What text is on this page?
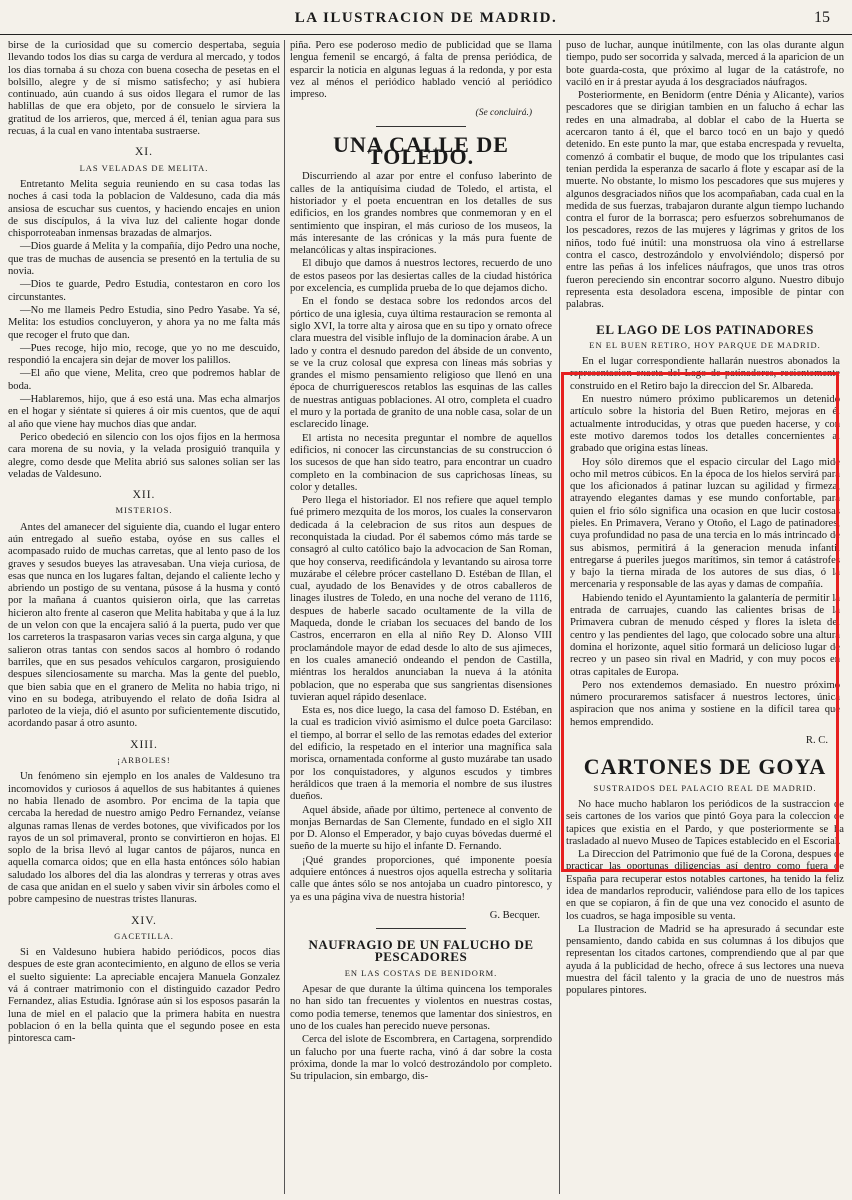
LA ILUSTRACION DE MADRID.	15

birse de la curiosidad que su comercio despertaba, seguia llevando todos los dias su carga de verdura al mercado, y todos los dias tornaba á su choza con buena cosecha de pesetas en el bolsillo, alegre y de sí mismo satisfecho; y así hubiera continuado, aún cuando á sus oidos llegara el rumor de las hablillas de que era objeto, por de consuelo le sirviera la gratitud de los arrieros, que, merced á él, tenian agua para sus recuas, á la cual en vano intentaba sustraerse.

XI.
LAS VELADAS DE MELITA.

Entretanto Melita seguia reuniendo en su casa todas las noches á casi toda la poblacion de Valdesuno, cada dia más ansiosa de escuchar sus cuentos, y haciendo encajes en union de sus discípulos, á la viva luz del caliente hogar donde chisporroteaban inmensas brazadas de almarjos.

—Dios guarde á Melita y la compañía, dijo Pedro una noche, que tras de muchas de ausencia se presentó en la tertulia de su novia.

—Dios te guarde, Pedro Estudia, contestaron en coro los circunstantes.

—No me llameis Pedro Estudia, sino Pedro Yasabe. Ya sé, Melita: los estudios concluyeron, y ahora ya no me falta más que recoger el fruto que dan.

—Pues recoge, hijo mio, recoge, que yo no me descuido, respondió la encajera sin dejar de mover los palillos.

—El año que viene, Melita, creo que podremos hablar de boda.

—Hablaremos, hijo, que á eso está una. Mas echa almarjos en el hogar y siéntate si quieres á oir mis cuentos, que de aquí al año que viene hay muchos dias que andar.

Perico obedeció en silencio con los ojos fijos en la hermosa cara morena de su novia, y la velada prosiguió tranquila y alegre, como desde que Melita abrió sus salones solian ser las veladas de Valdesuno.

XII.
MISTERIOS.

Antes del amanecer del siguiente dia, cuando el lugar entero aún entregado al sueño estaba, oyóse en sus calles el acompasado ruido de muchas carretas, que al lento paso de los graves y sesudos bueyes las atravesaban. Una vieja curiosa, de esas que nunca en los lugares faltan, dejando el caliente lecho y abriendo un postigo de su ventana, púsose á la husma y contó por la mañana á cuantos quisieron oirla, que las carretas hicieron alto frente al caseron que Melita habitaba y que á la luz de un velon con que la encajera salió á la puerta, pudo ver que los carreteros la traspasaron varias veces sin carga alguna, y que salieron otras tantas con sendos sacos al hombro ó rodando barriles, que en sus pesados vehículos cargaron, prosiguiendo despues silenciosamente su marcha. Mas la gente del pueblo, que bien sabia que en el granero de Melita no habia trigo, ni vino en su bodega, atribuyendo el relato de doña Isidra al parloteo de la vieja, dió el asunto por suficientemente discutido, acordando pasar á otro asunto.

XIII.
¡ARBOLES!

Un fenómeno sin ejemplo en los anales de Valdesuno tra incomovidos y curiosos á aquellos de sus habitantes á quienes no habia llenado de asombro. Por encima de la tapia que cercaba la heredad de nuestro amigo Pedro Fernandez, veíanse algunas ramas llenas de verdes botones, que vivificados por los rayos de un sol primaveral, pronto se convirtieron en hojas. El soplo de la brisa llevó al lugar cantos de pájaros, nunca en aquella comarca oidos; que en ella hasta entónces sólo habian saludado los albores del dia las alondras y terreras y otras aves de casa que anidan en el suelo y saben vivir sin árboles como el pobre campesino de nuestras tristes llanuras.

XIV.
GACETILLA.

Si en Valdesuno hubiera habido periódicos, pocos dias despues de este gran acontecimiento, en alguno de ellos se veria el suelto siguiente: La apreciable encajera Manuela Gonzalez vá á contraer matrimonio con el distinguido cazador Pedro Fernandez, alias Estudia. Ignórase aún si los esposos pasarán la luna de miel en el palacio que la primera habita en nuestra poblacion ó en la bella quinta que el segundo posee en esta pintoresca cam-

piña. Pero ese poderoso medio de publicidad que se llama lengua femenil se encargó, á falta de prensa periódica, de esparcir la noticia en algunas leguas á la redonda, y por esta vez al ménos el periódico hablado venció al periódico impreso.

(Se concluirá.)
UNA CALLE DE TOLEDO.

Discurriendo al azar por entre el confuso laberinto de calles de la antiquísima ciudad de Toledo, el artista, el historiador y el poeta encuentran en los detalles de sus edificios, en los grandes nombres que conmemoran y en el sentimiento que inspiran, el más curioso de los museos, la más interesante de las crónicas y la más pura fuente de melancólicas y altas inspiraciones.

El dibujo que damos á nuestros lectores, recuerdo de uno de estos paseos por las desiertas calles de la ciudad histórica por excelencia, es cumplida prueba de lo que dejamos dicho.

En el fondo se destaca sobre los redondos arcos del pórtico de una iglesia, cuya última restauracion se remonta al siglo XVI, la torre alta y airosa que en su tipo y ornato ofrece clara muestra del visible influjo de la dominacion árabe. A un lado y contra el desnudo paredon del ábside de un convento, se ve la cruz colosal que expresa con líneas más sobrias y grandes el mismo pensamiento religioso que llenó en una época de churriguerescos retablos las esquinas de las calles de nuestras antiguas poblaciones. Al otro, completa el cuadro el muro y la portada de granito de una noble casa, solar de un esclarecido linage.

El artista no necesita preguntar el nombre de aquellos edificios, ni conocer las circunstancias de su construccion ó los sucesos de que han sido teatro, para encontrar un cuadro completo en la combinacion de sus caprichosas líneas, su color y detalles.

Pero llega el historiador. El nos refiere que aquel templo fué primero mezquita de los moros, los cuales la conservaron dedicada á la celebracion de sus ritos aun despues de reconquistada la ciudad. Por él sabemos cómo más tarde se consagró al culto católico bajo la advocacion de San Roman, que hoy conserva, reedificándola y levantando su airosa torre muzárabe el célebre prócer castellano D. Estéban de Illan, el cual, ayudado de los Benavides y de otros caballeros de linages ilustres de Toledo, en una noche del verano de 1116, despues de haberle sacado ocultamente de la villa de Maqueda, donde le criaban los secuaces del bando de los Castros, encerraron en ella al niño Rey D. Alonso VIII proclamándole mayor de edad desde lo alto de sus ajimeces, en los cuales amaneció ondeando el pendon de Castilla, miéntras los heraldos anunciaban la nueva á la atónita poblacion, que no esperaba que sus sangrientas disensiones tuvieran aquel rápido desenlace.

Esta es, nos dice luego, la casa del famoso D. Estéban, en la cual es tradicion vivió asimismo el dulce poeta Garcilaso: el tiempo, al borrar el sello de las remotas edades del exterior del edificio, la respetado en el interior una magnífica sala morisca, ornamentada conforme al gusto muzárabe tan usado por los conquistadores, y algunos escudos y timbres heráldicos que traen á la memoria el nombre de sus ilustres dueños.

Aquel ábside, añade por último, pertenece al convento de monjas Bernardas de San Clemente, fundado en el siglo XII por D. Alonso el Emperador, y bajo cuyas bóvedas duermé el sueño de la muerte su hijo el infante D. Fernando.

¡Qué grandes proporciones, qué imponente poesía adquiere entónces á nuestros ojos aquella estrecha y solitaria calle que ántes sólo se nos antojaba un cuadro pintoresco, y ya es una página viva de nuestra historia!

G. Becquer.
NAUFRAGIO DE UN FALUCHO DE PESCADORES
EN LAS COSTAS DE BENIDORM.

Apesar de que durante la última quincena los temporales no han sido tan frecuentes y violentos en nuestras costas, como podia temerse, tenemos que lamentar dos siniestros, en uno de los cuales han perecido nueve personas.

Cerca del islote de Escombrera, en Cartagena, sorprendido un falucho por una fuerte racha, vinó á dar sobre la costa próxima, donde la mar lo volcó destrozándolo por completo. Su tripulacion, sin embargo, dis-

puso de luchar, aunque inútilmente, con las olas durante algun tiempo, pudo ser socorrida y salvada, merced á la aparicion de un bote guarda-costa, que próximo al lugar de la catástrofe, no vaciló en ir á prestar ayuda á los desgraciados náufragos.

Posteriormente, en Benidorm (entre Dénia y Alicante), varios pescadores que se dirigian tambien en un falucho á echar las redes en una almadraba, al doblar el cabo de la Huerta se acercaron tanto á él, que el barco tocó en un bajo y quedó detenido. En este punto la mar, que estaba encrespada y revuelta, comenzó á combatir el buque, de modo que los tripulantes casi tenian perdida la esperanza de sacarlo á flote y escapar así de la muerte. No obstante, lo mismo los pescadores que sus mujeres y algunos desgraciados niños que los acompañaban, cada cual en la medida de sus fuerzas, trabajaron durante algun tiempo luchando contra el furor de la borrasca; pero esfuerzos sobrehumanos de los pescadores, rezos de las mujeres y lágrimas y gritos de los niños, todo fué inútil: una monstruosa ola vino á estrellarse contra el casco, destrozándolo y envolviéndolo; dispersó por entre las peñas á los infelices náufragos, que unos tras otros fueron pereciendo sin encontrar socorro alguno. Nuestro dibujo representa esta desoladora escena, imposible de pintar con palabras.

EL LAGO DE LOS PATINADORES
EN EL BUEN RETIRO, HOY PARQUE DE MADRID.

En el lugar correspondiente hallarán nuestros abonados la representacion exacta del Lago de patinadores, recientemente construido en el Retiro bajo la direccion del Sr. Albareda.

En nuestro número próximo publicaremos un detenido artículo sobre la historia del Buen Retiro, mejoras en él actualmente introducidas, y otras que pueden hacerse, y con este motivo daremos todos los detalles concernientes al grabado que origina estas líneas.

Hoy sólo diremos que el espacio circular del Lago mide ocho mil metros cúbicos. En la época de los hielos servirá para que los aficionados á patinar luzcan su agilidad y firmeza, atrayendo elegantes damas y ese mundo confortable, para quien el frio sólo significa una ocasion en que lucir costosas pieles. En Primavera, Verano y Otoño, el Lago de patinadores, cuya profundidad no pasa de una tercia en lo más intrincado de sus abismos, permitirá á la generacion menuda infantil entregarse á pueriles juegos marítimos, sin temor á catástrofes y bajo la tierna mirada de los autores de sus dias, ó la mercenaria y responsable de las ayas y damas de compañía.

Habiendo tenido el Ayuntamiento la galantería de permitir la entrada de carruajes, cuando las calientes brisas de la Primavera cubran de menudo césped y flores la isleta del centro y las pendientes del lago, que colocado sobre una altura domina el horizonte, aquel sitio formará un delicioso lugar de recreo y un paseo sin rival en Madrid, y con muy pocos en otras capitales de Europa.

Pero nos extendemos demasiado. En nuestro próximo número procuraremos satisfacer á nuestros lectores, única aspiracion que nos anima y sostiene en la difícil tarea que hemos emprendido.

R. C.
CARTONES DE GOYA
SUSTRAIDOS DEL PALACIO REAL DE MADRID.

No hace mucho hablaron los periódicos de la sustraccion de seis cartones de los varios que pintó Goya para la coleccion de tapices que existia en el Pardo, y que posteriormente se ha trasladado al nuevo Museo de Tapices establecido en el Escorial.

La Direccion del Patrimonio que fué de la Corona, despues de practicar las oportunas diligencias así dentro como fuera de España para recuperar estos notables cartones, ha tenido la feliz idea de mandarlos reproducir, valiéndose para ello de los tapices en que se copiaron, á fin de que una vez conocido el asunto de los cuadros, se haga imposible su venta.

La Ilustracion de Madrid se ha apresurado á secundar este pensamiento, dando cabida en sus columnas á los dibujos que representan los citados cartones, comprendiendo que al par que ayuda á la publicidad de hecho, ofrece á sus lectores una nueva muestra del fácil talento y la gracia de uno de nuestros más populares pintores.
